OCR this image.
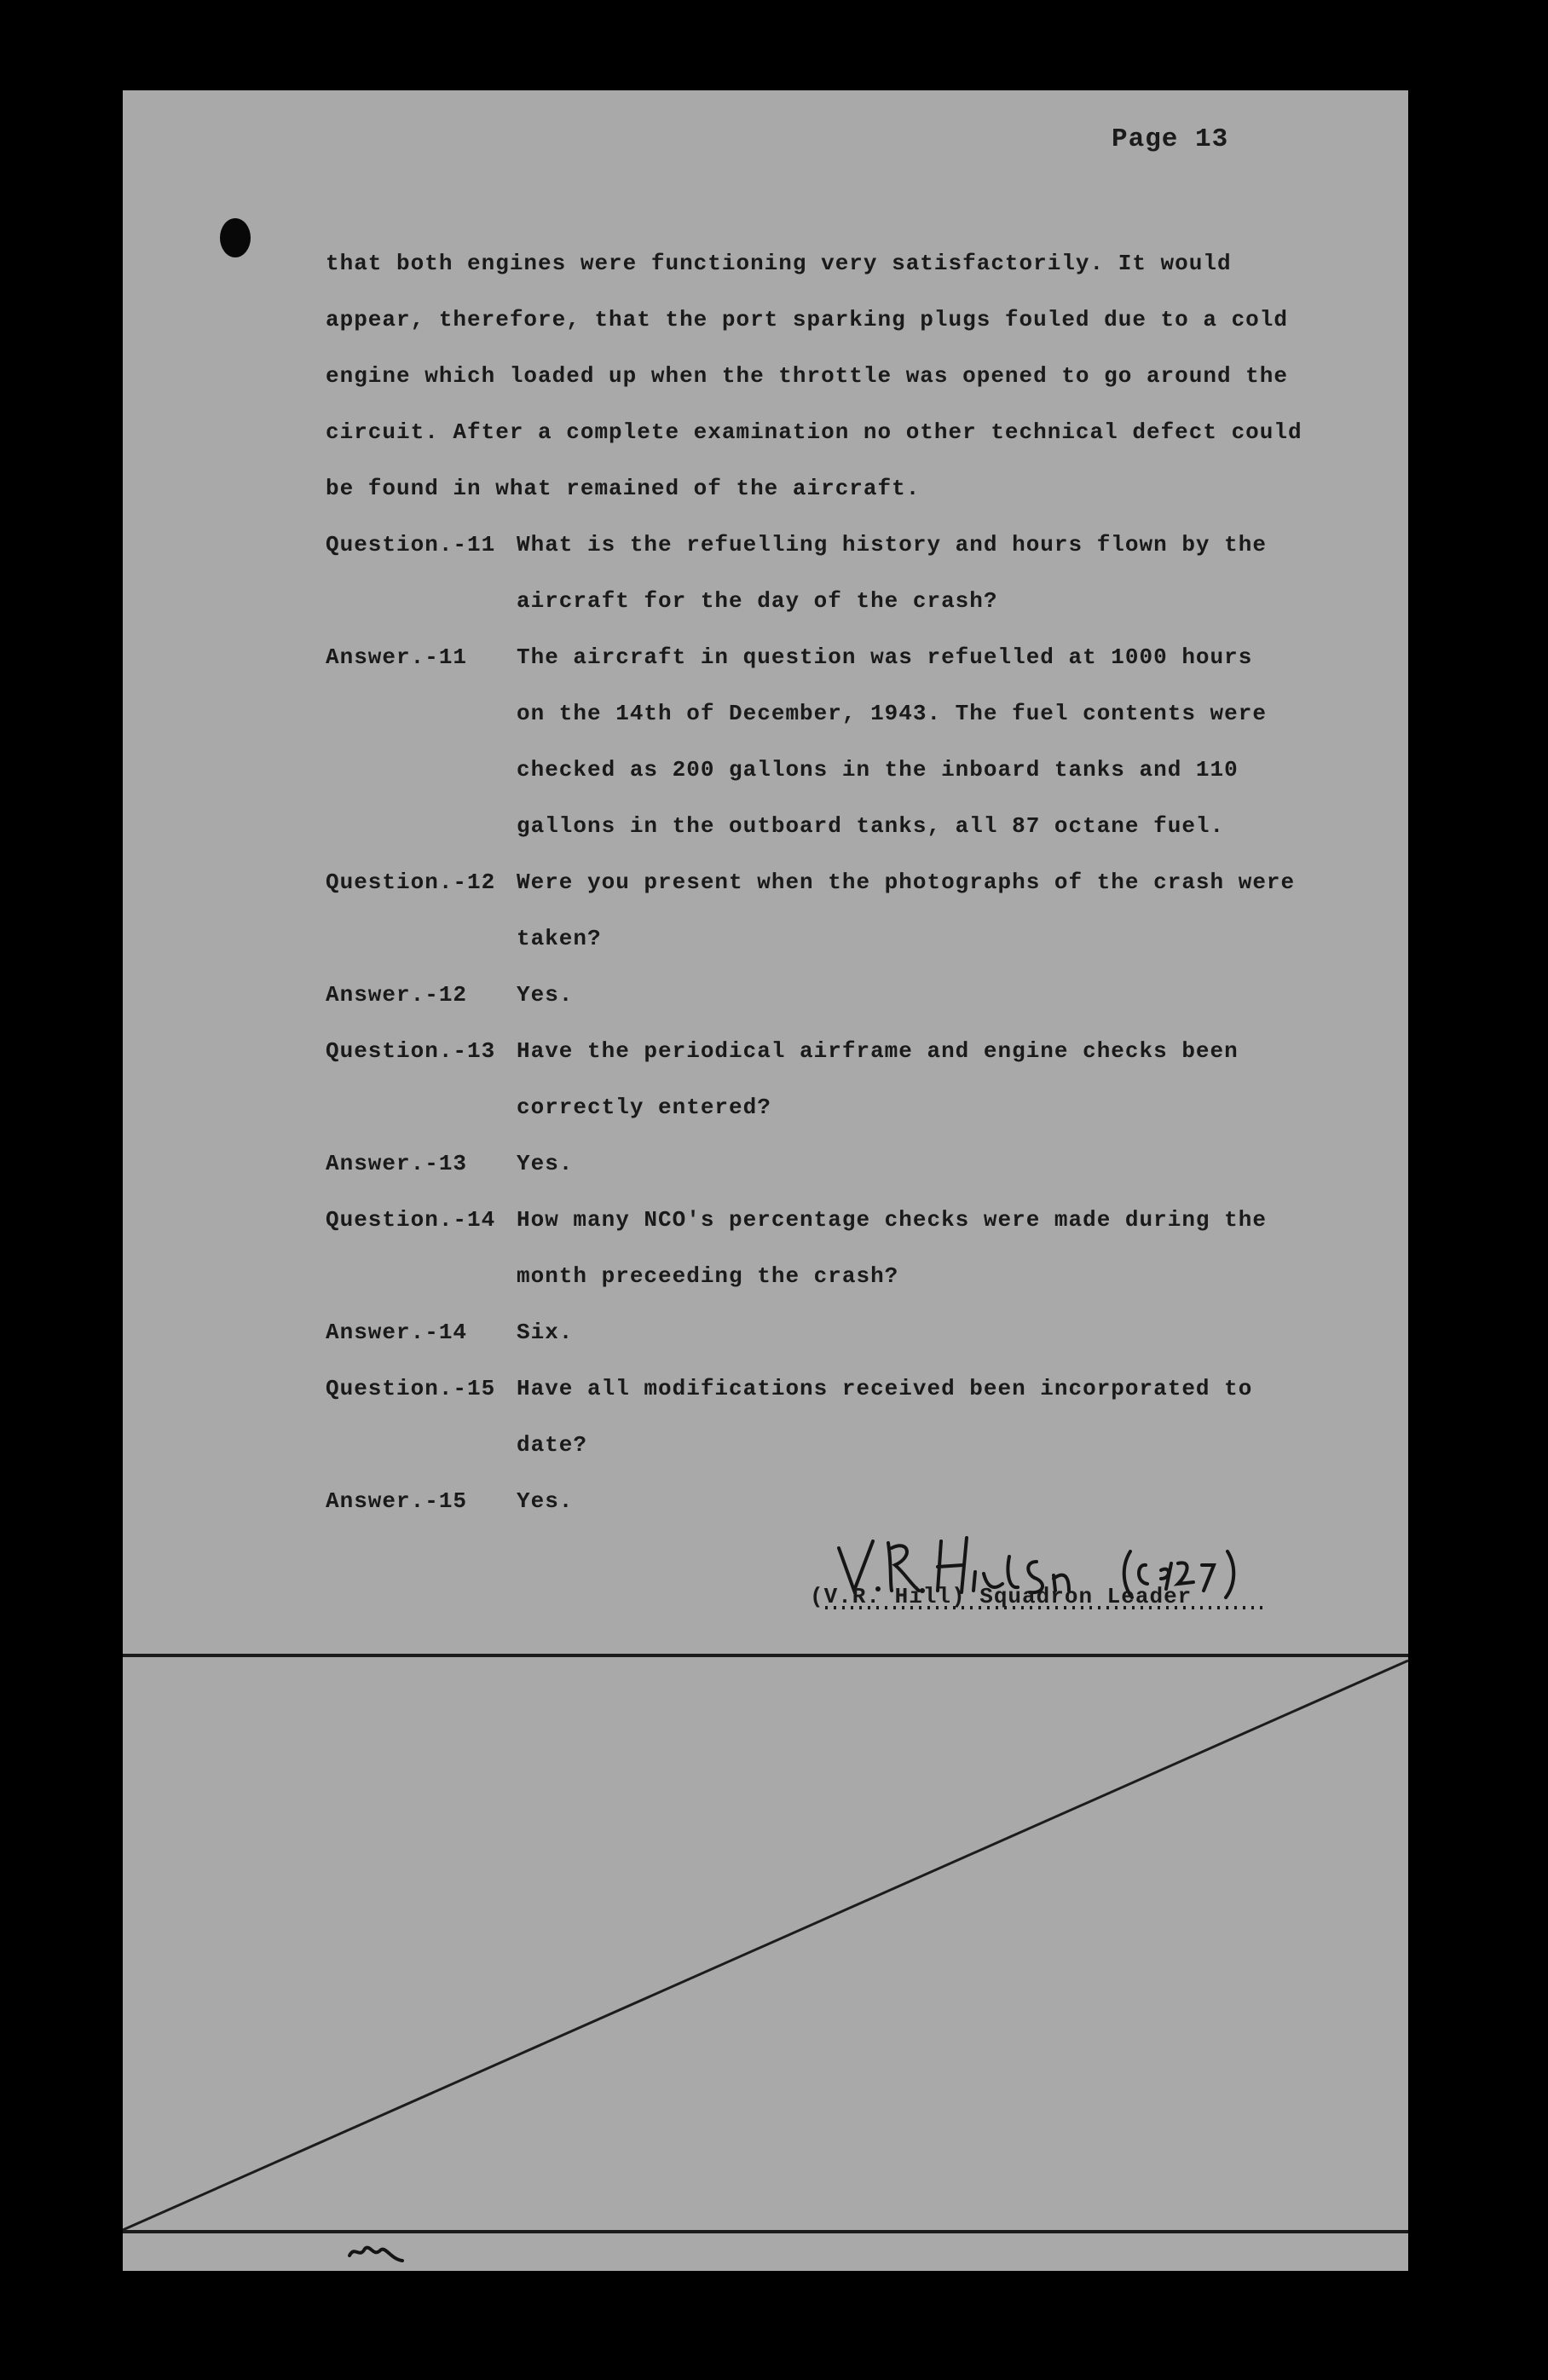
Page 13
that both engines were functioning very satisfactorily. It would
appear, therefore, that the port sparking plugs fouled due to a cold
engine which loaded up when the throttle was opened to go around the
circuit. After a complete examination no other technical defect could
be found in what remained of the aircraft.
Question.-11 What is the refuelling history and hours flown by the
aircraft for the day of the crash?
Answer.-11	The aircraft in question was refuelled at 1000 hours
on the 14th of December, 1943. The fuel contents were
checked as 200 gallons in the inboard tanks and 110
gallons in the outboard tanks, all 87 octane fuel.
Question.-12 Were you present when the photographs of the crash were
taken?
Answer.-12	Yes.
Question.-13 Have the periodical airframe and engine checks been
correctly entered?
Answer.-13	Yes.
Question.-14 How many NCO's percentage checks were made during the
month preceeding the crash?
Answer.-14	Six.
Question.-15 Have all modifications received been incorporated to
date?
Answer.-15	Yes.
(V.R. Hill) Squadron Leader
